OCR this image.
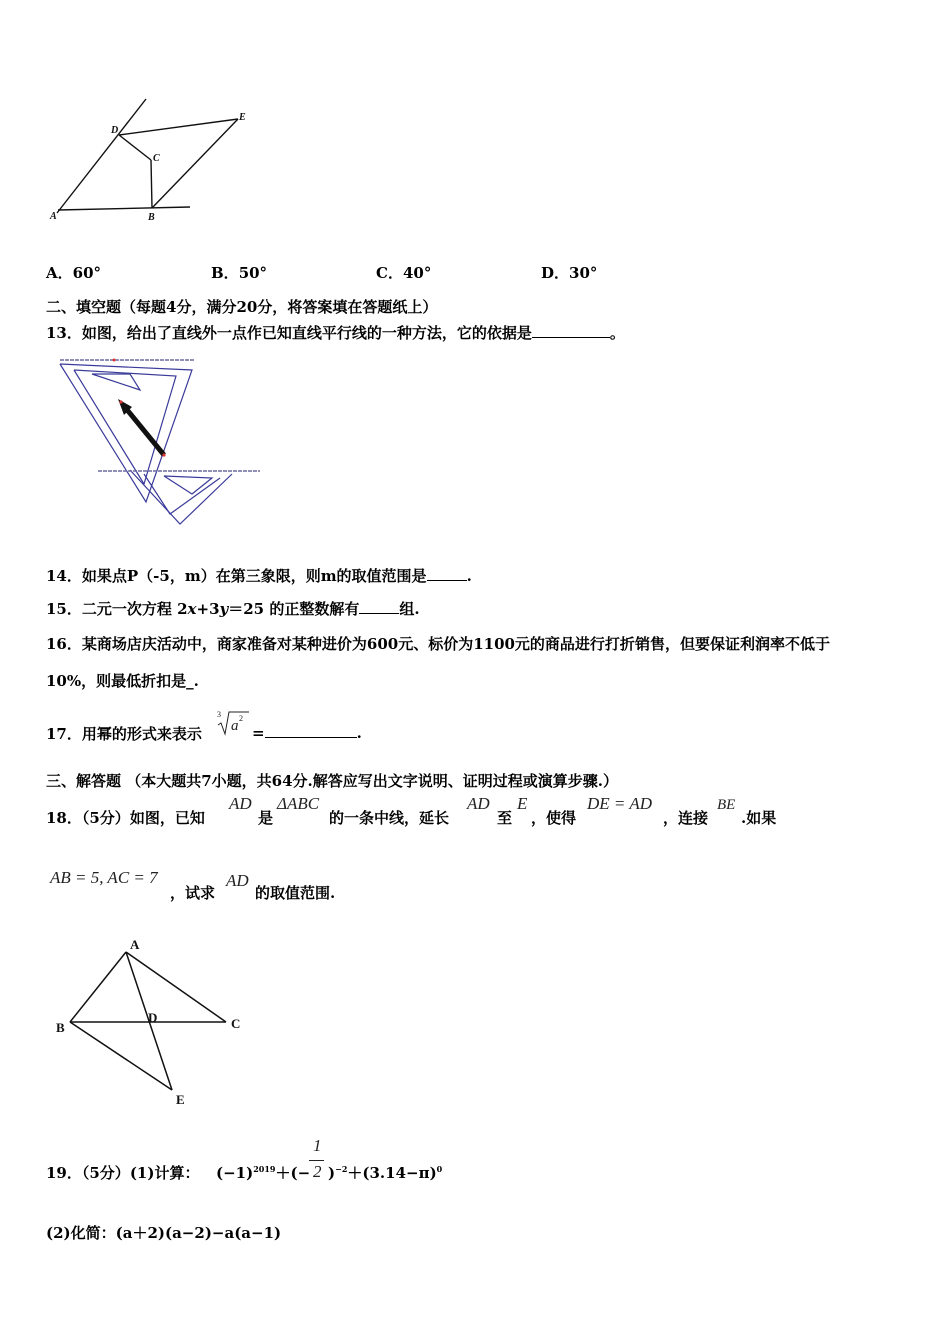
A	B
C
D
E
A．60°	B．50°	C．40°	D．30°
二、填空题（每题4分，满分20分，将答案填在答题纸上）
13．如图，给出了直线外一点作已知直线平行线的一种方法，它的依据是	。
14．如果点P（-5，m）在第三象限，则m的取值范围是	.
15．二元一次方程 2x+3y＝25 的正整数解有	组.
16．某商场店庆活动中，商家准备对某种进价为600元、标价为1100元的商品进行打折销售，但要保证利润率不低于
10%，则最低折扣是_.
17．用幂的形式来表示
3
a 2
=	.
三、解答题 （本大题共7小题，共64分.解答应写出文字说明、证明过程或演算步骤.）
18．（5分）如图，已知
AD
是
ΔABC
的一条中线，延长
AD
至
E
，使得
DE = AD
，连接
BE
.如果
AB = 5, AC = 7
，试求
AD
的取值范围.
A
B	C
D
E
19．（5分）(1)计算： $(-1)^{2019}+(-$
1
2 )$^{-2}+(3.14-\pi)^0$
(2)化简：(a＋2)(a−2)−a(a−1)
